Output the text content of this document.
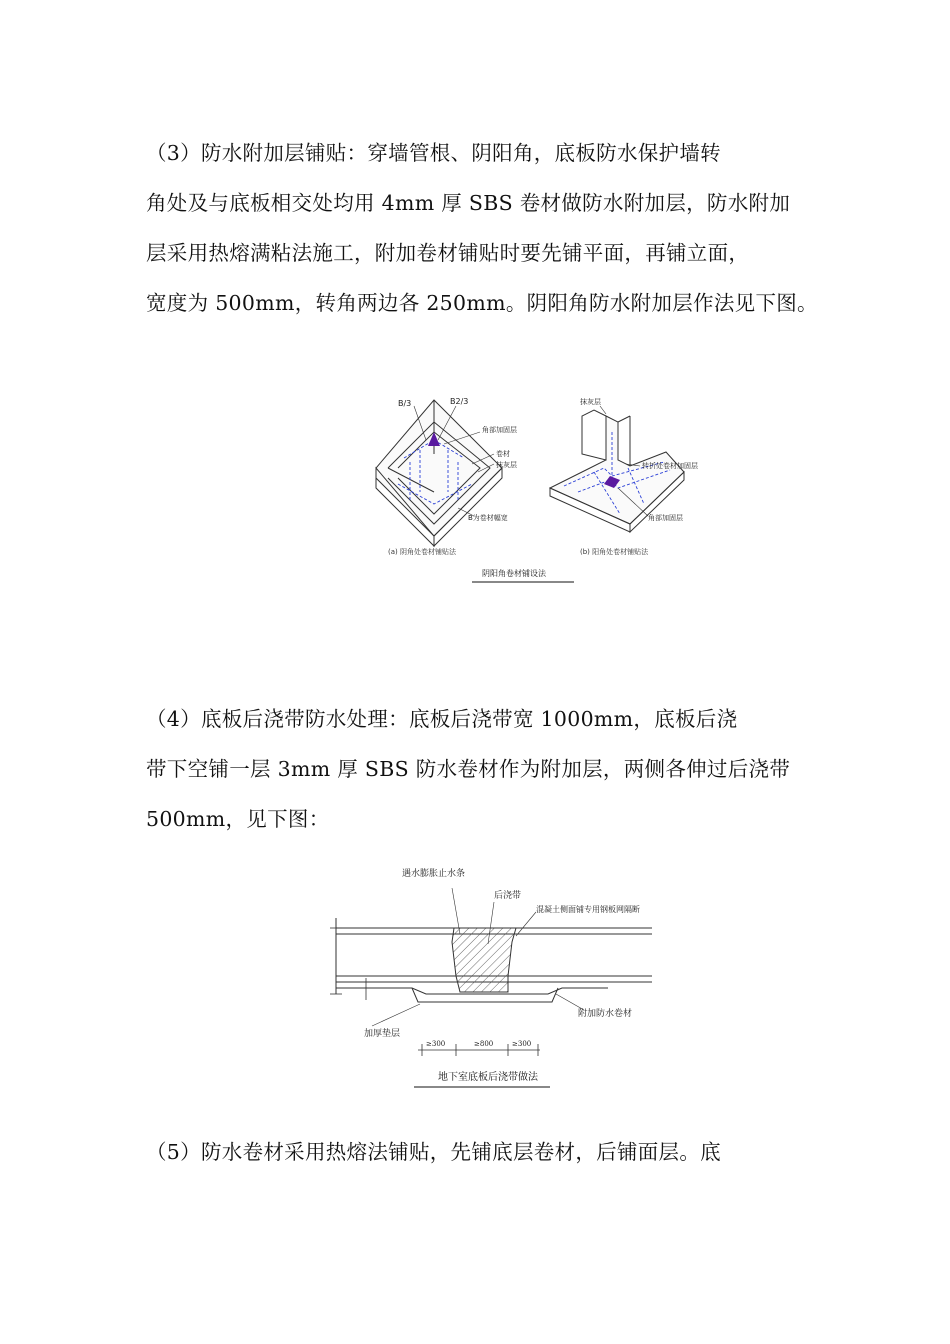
（3）防水附加层铺贴：穿墙管根、阴阳角，底板防水保护墙转
角处及与底板相交处均用 4mm 厚 SBS 卷材做防水附加层，防水附加
层采用热熔满粘法施工，附加卷材铺贴时要先铺平面，再铺立面，
宽度为 500mm，转角两边各 250mm。阴阳角防水附加层作法见下图。
B/3	B2/3
角部加固层
卷材
抹灰层
B为卷材幅宽
(a) 阴角处卷材铺贴法
抹灰层
转折处卷材加固层
角部加固层
(b) 阳角处卷材铺贴法
阴阳角卷材铺设法
（4）底板后浇带防水处理：底板后浇带宽 1000mm，底板后浇
带下空铺一层 3mm 厚 SBS 防水卷材作为附加层，两侧各伸过后浇带
500mm，见下图：
遇水膨胀止水条
后浇带
混凝土侧面铺专用钢板网隔断
附加防水卷材
加厚垫层
≥300	≥800	≥300
地下室底板后浇带做法
（5）防水卷材采用热熔法铺贴，先铺底层卷材，后铺面层。底
